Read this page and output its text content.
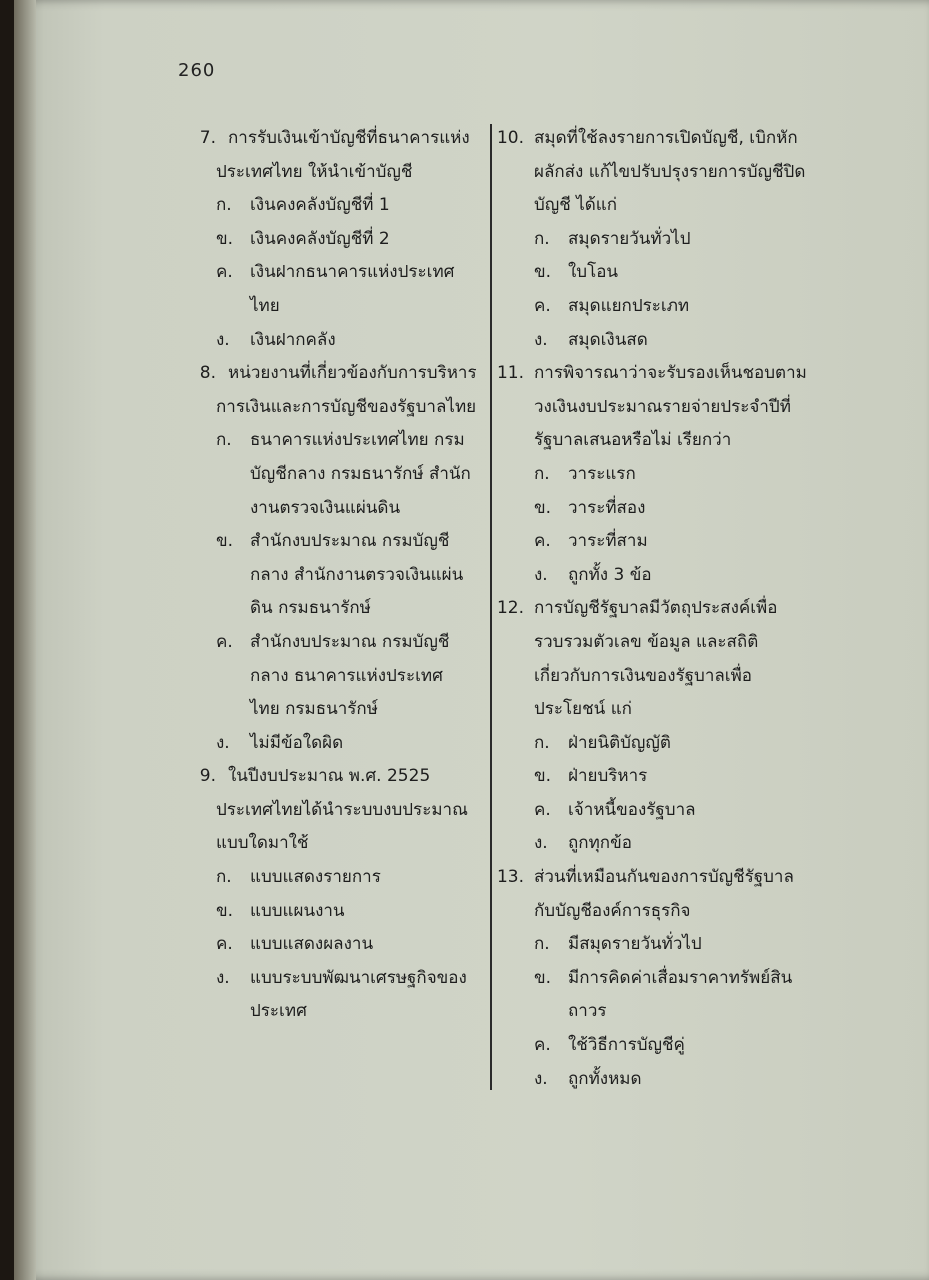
260
7. การรับเงินเข้าบัญชีที่ธนาคารแห่ง
ประเทศไทย ให้นำเข้าบัญชี
ก.	เงินคงคลังบัญชีที่ 1
ข. เงินคงคลังบัญชีที่ 2
ค.	เงินฝากธนาคารแห่งประเทศ
ไทย
ง.	เงินฝากคลัง
8. หน่วยงานที่เกี่ยวข้องกับการบริหาร
การเงินและการบัญชีของรัฐบาลไทย
ก.	ธนาคารแห่งประเทศไทย กรม
บัญชีกลาง กรมธนารักษ์ สำนัก
งานตรวจเงินแผ่นดิน
ข. สำนักงบประมาณ กรมบัญชี
กลาง สำนักงานตรวจเงินแผ่น
ดิน กรมธนารักษ์
ค.	สำนักงบประมาณ กรมบัญชี
กลาง ธนาคารแห่งประเทศ
ไทย กรมธนารักษ์
ง.	ไม่มีข้อใดผิด
9. ในปีงบประมาณ พ.ศ. 2525
ประเทศไทยได้นำระบบงบประมาณ
แบบใดมาใช้
ก.	แบบแสดงรายการ
ข. แบบแผนงาน
ค.	แบบแสดงผลงาน
ง.	แบบระบบพัฒนาเศรษฐกิจของ
ประเทศ
10. สมุดที่ใช้ลงรายการเปิดบัญชี, เบิกหัก
ผลักส่ง แก้ไขปรับปรุงรายการบัญชีปิด
บัญชี ได้แก่
ก.	สมุดรายวันทั่วไป
ข. ใบโอน
ค.	สมุดแยกประเภท
ง.	สมุดเงินสด
11. การพิจารณาว่าจะรับรองเห็นชอบตาม
วงเงินงบประมาณรายจ่ายประจำปีที่
รัฐบาลเสนอหรือไม่ เรียกว่า
ก.	วาระแรก
ข. วาระที่สอง
ค.	วาระที่สาม
ง.	ถูกทั้ง 3 ข้อ
12. การบัญชีรัฐบาลมีวัตถุประสงค์เพื่อ
รวบรวมตัวเลข ข้อมูล และสถิติ
เกี่ยวกับการเงินของรัฐบาลเพื่อ
ประโยชน์ แก่
ก.	ฝ่ายนิติบัญญัติ
ข. ฝ่ายบริหาร
ค.	เจ้าหนี้ของรัฐบาล
ง.	ถูกทุกข้อ
13. ส่วนที่เหมือนกันของการบัญชีรัฐบาล
กับบัญชีองค์การธุรกิจ
ก.	มีสมุดรายวันทั่วไป
ข. มีการคิดค่าเสื่อมราคาทรัพย์สิน
ถาวร
ค.	ใช้วิธีการบัญชีคู่
ง.	ถูกทั้งหมด
